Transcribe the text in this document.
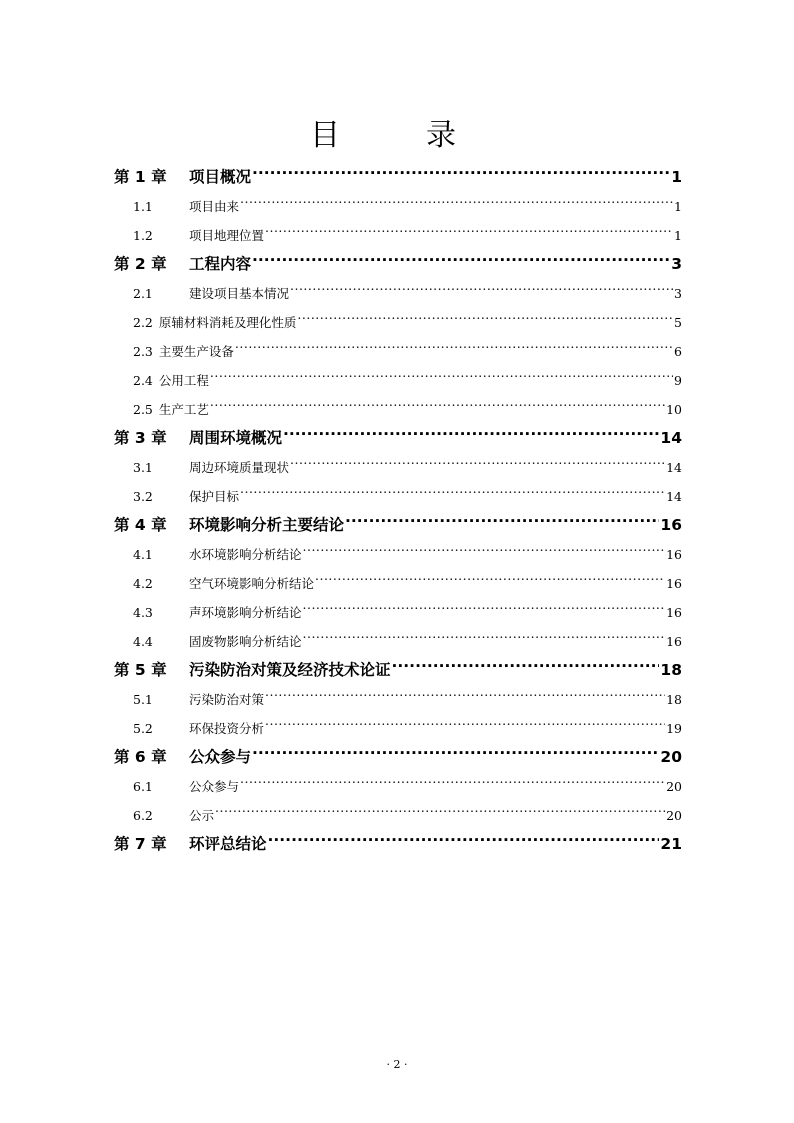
目　录
第 1 章	项目概况 .....	1
1.1	项目由来 .....	1
1.2	项目地理位置 .....	1
第 2 章	工程内容 .....	3
2.1	建设项目基本情况 .....	3
2.2 原辅材料消耗及理化性质 .....	5
2.3 主要生产设备 .....	6
2.4 公用工程 .....	9
2.5 生产工艺 .....	10
第 3 章	周围环境概况 .....	14
3.1	周边环境质量现状 .....	14
3.2	保护目标 .....	14
第 4 章	环境影响分析主要结论 .....	16
4.1	水环境影响分析结论 .....	16
4.2	空气环境影响分析结论 .....	16
4.3	声环境影响分析结论 .....	16
4.4	固废物影响分析结论 .....	16
第 5 章	污染防治对策及经济技术论证 .....	18
5.1	污染防治对策 .....	18
5.2	环保投资分析 .....	19
第 6 章	公众参与 .....	20
6.1	公众参与 .....	20
6.2	公示 .....	20
第 7 章	环评总结论 .....	21
· 2 ·
